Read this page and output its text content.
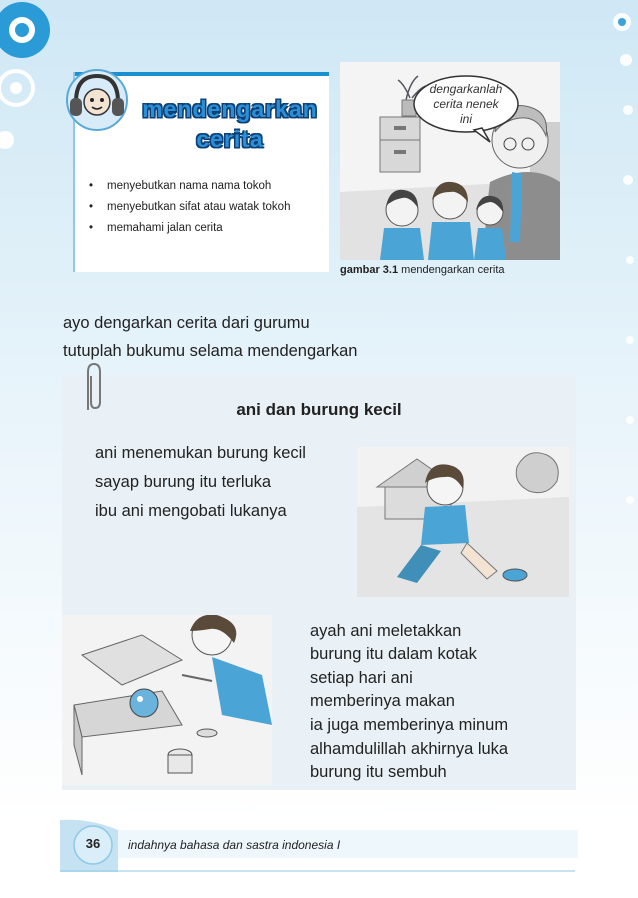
mendengarkan
cerita
• menyebutkan nama nama tokoh
• menyebutkan sifat atau watak tokoh
• memahami jalan cerita
dengarkanlah
cerita nenek
ini
gambar 3.1 mendengarkan cerita
ayo dengarkan cerita dari gurumu
tutuplah bukumu selama mendengarkan
ani dan burung kecil
ani menemukan burung kecil
sayap burung itu terluka
ibu ani mengobati lukanya
ayah ani meletakkan
burung itu dalam kotak
setiap hari ani
memberinya makan
ia juga memberinya minum
alhamdulillah akhirnya luka
burung itu sembuh
36	indahnya bahasa dan sastra indonesia I
